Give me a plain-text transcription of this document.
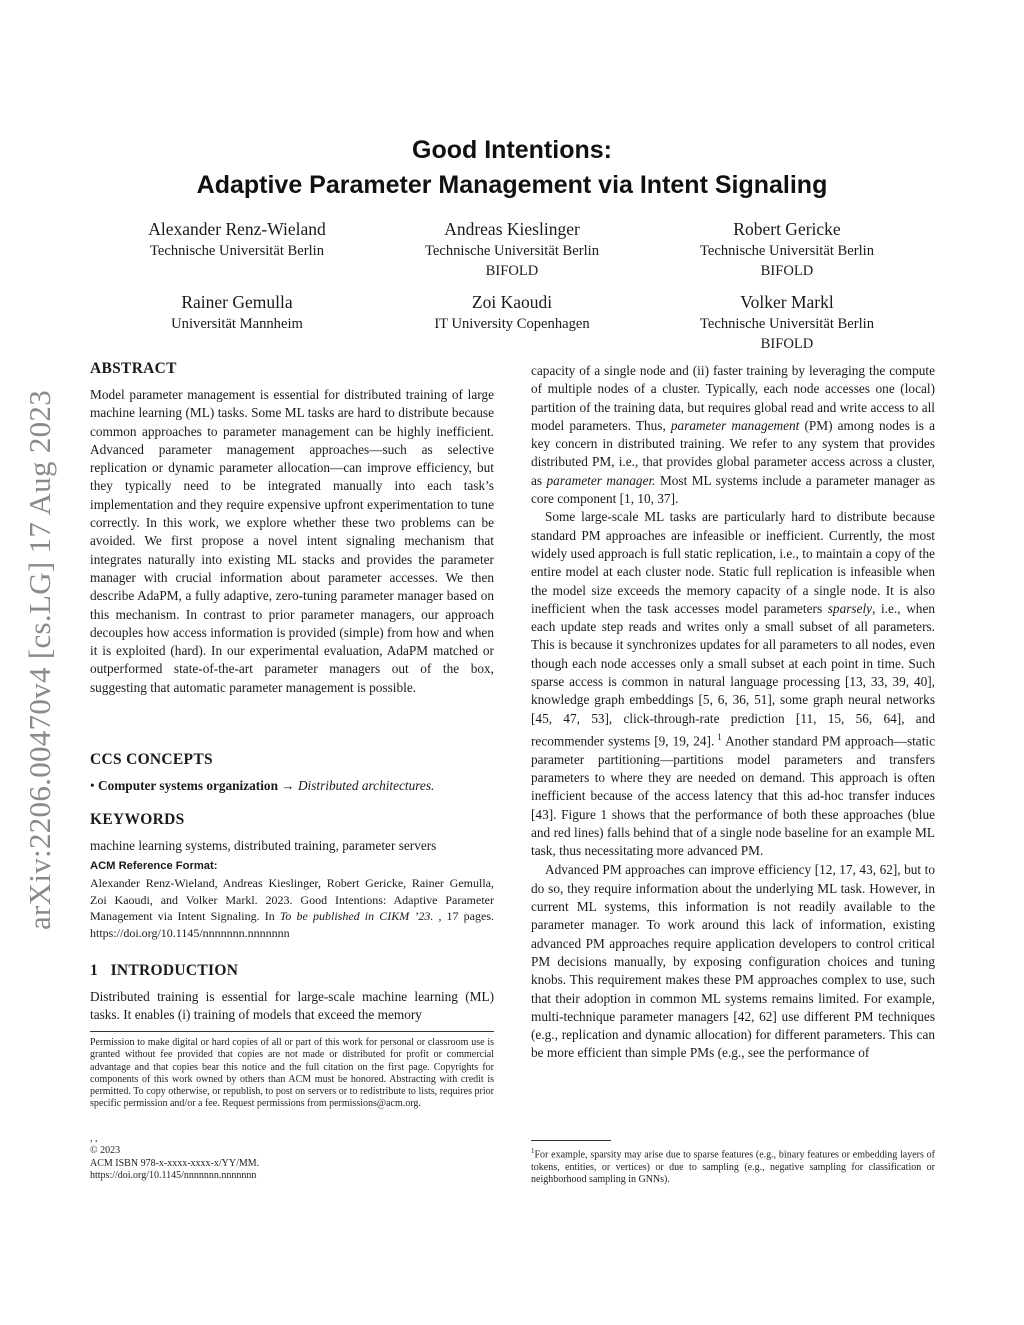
arXiv:2206.00470v4 [cs.LG] 17 Aug 2023
Good Intentions:
Adaptive Parameter Management via Intent Signaling
Alexander Renz-Wieland
Technische Universität Berlin
Andreas Kieslinger
Technische Universität Berlin
BIFOLD
Robert Gericke
Technische Universität Berlin
BIFOLD
Rainer Gemulla
Universität Mannheim
Zoi Kaoudi
IT University Copenhagen
Volker Markl
Technische Universität Berlin
BIFOLD
ABSTRACT

Model parameter management is essential for distributed training of large machine learning (ML) tasks. Some ML tasks are hard to distribute because common approaches to parameter management can be highly inefficient. Advanced parameter management approaches—such as selective replication or dynamic parameter allocation—can improve efficiency, but they typically need to be integrated manually into each task’s implementation and they require expensive upfront experimentation to tune correctly. In this work, we explore whether these two problems can be avoided. We first propose a novel intent signaling mechanism that integrates naturally into existing ML stacks and provides the parameter manager with crucial information about parameter accesses. We then describe AdaPM, a fully adaptive, zero-tuning parameter manager based on this mechanism. In contrast to prior parameter managers, our approach decouples how access information is provided (simple) from how and when it is exploited (hard). In our experimental evaluation, AdaPM matched or outperformed state-of-the-art parameter managers out of the box, suggesting that automatic parameter management is possible.

CCS CONCEPTS
• Computer systems organization → Distributed architectures.
KEYWORDS

machine learning systems, distributed training, parameter servers

ACM Reference Format:
Alexander Renz-Wieland, Andreas Kieslinger, Robert Gericke, Rainer Gemulla, Zoi Kaoudi, and Volker Markl. 2023. Good Intentions: Adaptive Parameter Management via Intent Signaling. In To be published in CIKM ’23. , 17 pages. https://doi.org/10.1145/nnnnnnn.nnnnnnn
1   INTRODUCTION

Distributed training is essential for large-scale machine learning (ML) tasks. It enables (i) training of models that exceed the memory

Permission to make digital or hard copies of all or part of this work for personal or classroom use is granted without fee provided that copies are not made or distributed for profit or commercial advantage and that copies bear this notice and the full citation on the first page. Copyrights for components of this work owned by others than ACM must be honored. Abstracting with credit is permitted. To copy otherwise, or republish, to post on servers or to redistribute to lists, requires prior specific permission and/or a fee. Request permissions from permissions@acm.org.
, ,
© 2023
ACM ISBN 978-x-xxxx-xxxx-x/YY/MM.
https://doi.org/10.1145/nnnnnnn.nnnnnnn

capacity of a single node and (ii) faster training by leveraging the compute of multiple nodes of a cluster. Typically, each node accesses one (local) partition of the training data, but requires global read and write access to all model parameters. Thus, parameter management (PM) among nodes is a key concern in distributed training. We refer to any system that provides distributed PM, i.e., that provides global parameter access across a cluster, as parameter manager. Most ML systems include a parameter manager as core component [1, 10, 37].

Some large-scale ML tasks are particularly hard to distribute because standard PM approaches are infeasible or inefficient. Currently, the most widely used approach is full static replication, i.e., to maintain a copy of the entire model at each cluster node. Static full replication is infeasible when the model size exceeds the memory capacity of a single node. It is also inefficient when the task accesses model parameters sparsely, i.e., when each update step reads and writes only a small subset of all parameters. This is because it synchronizes updates for all parameters to all nodes, even though each node accesses only a small subset at each point in time. Such sparse access is common in natural language processing [13, 33, 39, 40], knowledge graph embeddings [5, 6, 36, 51], some graph neural networks [45, 47, 53], click-through-rate prediction [11, 15, 56, 64], and recommender systems [9, 19, 24]. $^1$ Another standard PM approach—static parameter partitioning—partitions model parameters and transfers parameters to where they are needed on demand. This approach is often inefficient because of the access latency that this ad-hoc transfer induces [43]. Figure 1 shows that the performance of both these approaches (blue and red lines) falls behind that of a single node baseline for an example ML task, thus necessitating more advanced PM.

Advanced PM approaches can improve efficiency [12, 17, 43, 62], but to do so, they require information about the underlying ML task. However, in current ML systems, this information is not readily available to the parameter manager. To work around this lack of information, existing advanced PM approaches require application developers to control critical PM decisions manually, by exposing configuration choices and tuning knobs. This requirement makes these PM approaches complex to use, such that their adoption in common ML systems remains limited. For example, multi-technique parameter managers [42, 62] use different PM techniques (e.g., replication and dynamic allocation) for different parameters. This can be more efficient than simple PMs (e.g., see the performance of

$^1$For example, sparsity may arise due to sparse features (e.g., binary features or embedding layers of tokens, entities, or vertices) or due to sampling (e.g., negative sampling for classification or neighborhood sampling in GNNs).
